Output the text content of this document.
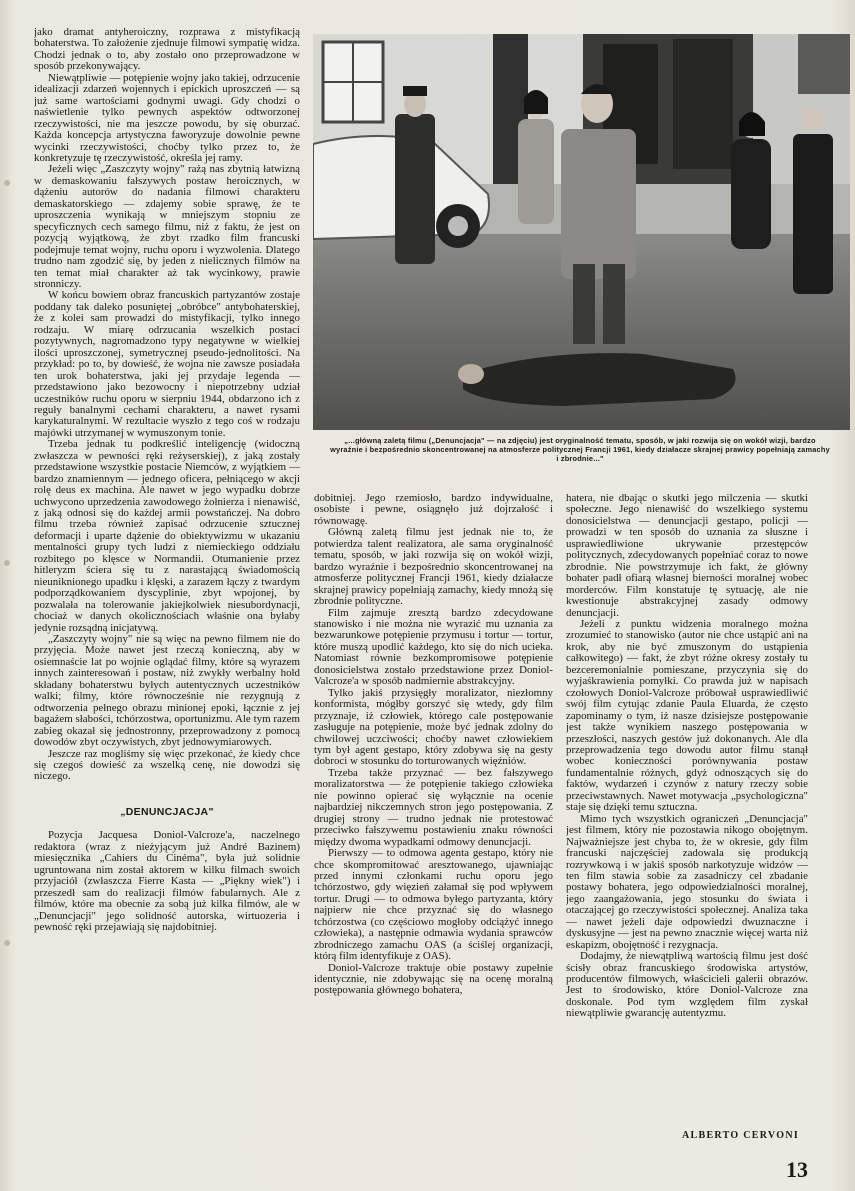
jako dramat antyheroiczny, rozprawa z mistyfikacją bohaterstwa. To założenie zjednuje filmowi sympatię widza. Chodzi jednak o to, aby zostało ono przeprowadzone w sposób przekonywający.

Niewątpliwie — potępienie wojny jako takiej, odrzucenie idealizacji zdarzeń wojennych i epickich uproszczeń — są już same wartościami godnymi uwagi. Gdy chodzi o naświetlenie tylko pewnych aspektów odtworzonej rzeczywistości, nie ma jeszcze powodu, by się oburzać. Każda koncepcja artystyczna faworyzuje dowolnie pewne wycinki rzeczywistości, choćby tylko przez to, że konkretyzuje tę rzeczywistość, określa jej ramy.

Jeżeli więc „Zaszczyty wojny" rażą nas zbytnią łatwizną w demaskowaniu fałszywych postaw heroicznych, w dążeniu autorów do nadania filmowi charakteru demaskatorskiego — zdajemy sobie sprawę, że te uproszczenia wynikają w mniejszym stopniu ze specyficznych cech samego filmu, niż z faktu, że jest on pozycją wyjątkową, że zbyt rzadko film francuski podejmuje temat wojny, ruchu oporu i wyzwolenia. Dlatego trudno nam zgodzić się, by jeden z nielicznych filmów na ten temat miał charakter aż tak wycinkowy, prawie stronniczy.

W końcu bowiem obraz francuskich partyzantów zostaje poddany tak daleko posuniętej „obróbce" antybohaterskiej, że z kolei sam prowadzi do mistyfikacji, tylko innego rodzaju. W miarę odrzucania wszelkich postaci pozytywnych, nagromadzono typy negatywne w wielkiej ilości uproszczonej, symetrycznej pseudo-jednolitości. Na przykład: po to, by dowieść, że wojna nie zawsze posiadała ten urok bohaterstwa, jaki jej przydaje legenda — przedstawiono jako bezowocny i niepotrzebny udział uczestników ruchu oporu w sierpniu 1944, obdarzono ich z reguły banalnymi cechami charakteru, a nawet rysami karykaturalnymi. W rezultacie wyszło z tego coś w rodzaju majówki utrzymanej w wymuszonym tonie.

Trzeba jednak tu podkreślić inteligencję (widoczną zwłaszcza w pewności ręki reżyserskiej), z jaką zostały przedstawione wszystkie postacie Niemców, z wyjątkiem — bardzo znamiennym — jednego oficera, pełniącego w akcji rolę deus ex machina. Ale nawet w jego wypadku dobrze uchwycono uprzedzenia zawodowego żołnierza i nienawiść, z jaką odnosi się do każdej armii powstańczej. Na dobro filmu trzeba również zapisać odrzucenie sztucznej deformacji i uparte dążenie do obiektywizmu w ukazaniu mentalności grupy tych ludzi z niemieckiego oddziału rozbitego po klęsce w Normandii. Otumanienie przez hitleryzm ściera się tu z narastającą świadomością nieuniknionego upadku i klęski, a zarazem łączy z twardym podporządkowaniem dyscyplinie, zbyt wpojonej, by pozwalała na tolerowanie jakiejkolwiek niesubordynacji, chociaż w danych okolicznościach właśnie ona byłaby jedynie rozsądną inicjatywą.

„Zaszczyty wojny" nie są więc na pewno filmem nie do przyjęcia. Może nawet jest rzeczą konieczną, aby w osiemnaście lat po wojnie oglądać filmy, które są wyrazem innych zainteresowań i postaw, niż zwykły werbalny hołd składany bohaterstwu byłych autentycznych uczestników walki; filmy, które równocześnie nie rezygnują z odtworzenia pełnego obrazu minionej epoki, łącznie z jej bagażem słabości, tchórzostwa, oportunizmu. Ale tym razem zabieg okazał się jednostronny, przeprowadzony z pomocą dowodów zbyt oczywistych, zbyt jednowymiarowych.

Jeszcze raz mogliśmy się więc przekonać, że kiedy chce się czegoś dowieść za wszelką cenę, nie dowodzi się niczego.

„DENUNCJACJA"

Pozycja Jacquesa Doniol-Valcroze'a, naczelnego redaktora (wraz z nieżyjącym już André Bazinem) miesięcznika „Cahiers du Cinéma", była już solidnie ugruntowana nim został aktorem w kilku filmach swoich przyjaciół (zwłaszcza Fierre Kasta — „Piękny wiek") i przeszedł sam do realizacji filmów fabularnych. Ale z filmów, które ma obecnie za sobą już kilka filmów, ale w „Denuncjacji" jego solidność autorska, wirtuozeria i pewność ręki przejawiają się najdobitniej.

„...główną zaletą filmu („Denuncjacja" — na zdjęciu) jest oryginalność tematu, sposób, w jaki rozwija się on wokół wizji, bardzo wyraźnie i bezpośrednio skoncentrowanej na atmosferze politycznej Francji 1961, kiedy działacze skrajnej prawicy popełniają zamachy i zbrodnie..."

dobitniej. Jego rzemiosło, bardzo indywidualne, osobiste i pewne, osiągnęło już dojrzałość i równowagę.

Główną zaletą filmu jest jednak nie to, że potwierdza talent realizatora, ale sama oryginalność tematu, sposób, w jaki rozwija się on wokół wizji, bardzo wyraźnie i bezpośrednio skoncentrowanej na atmosferze politycznej Francji 1961, kiedy działacze skrajnej prawicy popełniają zamachy, kiedy mnożą się zbrodnie polityczne.

Film zajmuje zresztą bardzo zdecydowane stanowisko i nie można nie wyrazić mu uznania za bezwarunkowe potępienie przymusu i tortur — tortur, które muszą upodlić każdego, kto się do nich ucieka. Natomiast równie bezkompromisowe potępienie donosicielstwa zostało przedstawione przez Doniol-Valcroze'a w sposób nadmiernie abstrakcyjny.

Tylko jakiś przysięgły moralizator, niezłomny konformista, mógłby gorszyć się wtedy, gdy film przyznaje, iż człowiek, którego cale postępowanie zasługuje na potępienie, może być jednak zdolny do chwilowej uczciwości; choćby nawet człowiekiem tym był agent gestapo, który zdobywa się na gesty dobroci w stosunku do torturowanych więźniów.

Trzeba także przyznać — bez fałszywego moralizatorstwa — że potępienie takiego człowieka nie powinno opierać się wyłącznie na ocenie najbardziej nikczemnych stron jego postępowania. Z drugiej strony — trudno jednak nie protestować przeciwko fałszywemu postawieniu znaku równości między dwoma wypadkami odmowy denuncjacji.

Pierwszy — to odmowa agenta gestapo, który nie chce skompromitować aresztowanego, ujawniając przed innymi członkami ruchu oporu jego tchórzostwo, gdy więzień załamał się pod wpływem tortur. Drugi — to odmowa byłego partyzanta, który najpierw nie chce przyznać się do własnego tchórzostwa (co częściowo mogłoby odciążyć innego człowieka), a następnie odmawia wydania sprawców zbrodniczego zamachu OAS (a ściślej organizacji, którą film identyfikuje z OAS).

Doniol-Valcroze traktuje obie postawy zupełnie identycznie, nie zdobywając się na ocenę moralną postępowania głównego bohatera,

hatera, nie dbając o skutki jego milczenia — skutki społeczne. Jego nienawiść do wszelkiego systemu donosicielstwa — denuncjacji gestapo, policji — prowadzi w ten sposób do uznania za słuszne i usprawiedliwione ukrywanie przestępców politycznych, zdecydowanych popełniać coraz to nowe zbrodnie. Nie powstrzymuje ich fakt, że główny bohater padł ofiarą własnej bierności moralnej wobec morderców. Film konstatuje tę sytuację, ale nie kwestionuje abstrakcyjnej zasady odmowy denuncjacji.

Jeżeli z punktu widzenia moralnego można zrozumieć to stanowisko (autor nie chce ustąpić ani na krok, aby nie być zmuszonym do ustąpienia całkowitego) — fakt, że zbyt różne okresy zostały tu bezceremonialnie pomieszane, przyczynia się do wyjaśkrawienia pomyłki. Co prawda już w napisach czołowych Doniol-Valcroze próbował usprawiedliwić swój film cytując zdanie Paula Eluarda, że często zapominamy o tym, iż nasze dzisiejsze postępowanie jest także wynikiem naszego postępowania w przeszłości, naszych gestów już dokonanych. Ale dla przeprowadzenia tego dowodu autor filmu stanął wobec konieczności porównywania postaw fundamentalnie różnych, gdyż odnoszących się do faktów, wydarzeń i czynów z natury rzeczy sobie przeciwstawnych. Nawet motywacja „psychologiczna" staje się dzięki temu sztuczna.

Mimo tych wszystkich ograniczeń „Denuncjacja" jest filmem, który nie pozostawia nikogo obojętnym. Najważniejsze jest chyba to, że w okresie, gdy film francuski najczęściej zadowala się produkcją rozrywkową i w jakiś sposób narkotyzuje widzów — ten film stawia sobie za zasadniczy cel zbadanie postawy bohatera, jego odpowiedzialności moralnej, jego zaangażowania, jego stosunku do świata i otaczającej go rzeczywistości społecznej. Analiza taka — nawet jeżeli daje odpowiedzi dwuznaczne i dyskusyjne — jest na pewno znacznie więcej warta niż eskapizm, obojętność i rezygnacja.

Dodajmy, że niewątpliwą wartością filmu jest dość ścisły obraz francuskiego środowiska artystów, producentów filmowych, właścicieli galerii obrazów. Jest to środowisko, które Doniol-Valcroze zna doskonale. Pod tym względem film zyskał niewątpliwie gwarancję autentyzmu.

ALBERTO CERVONI
13
